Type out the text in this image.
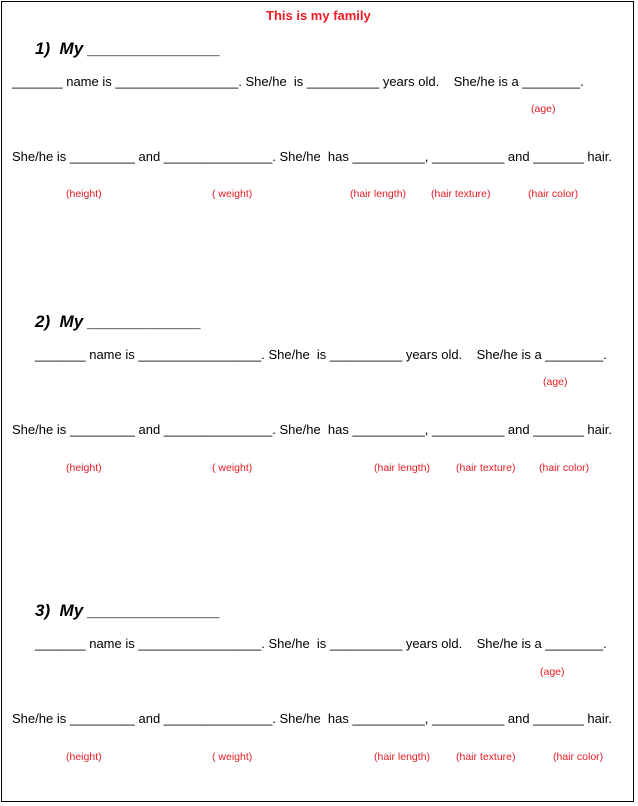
This is my family
1)  My ______________
_______ name is _________________. She/he  is __________ years old.    She/he is a ________.
(age)
She/he is _________ and _______________. She/he  has __________, __________ and _______ hair.
(height)	( weight)	(hair length) (hair texture)	(hair color)
2)  My ____________
_______ name is _________________. She/he  is __________ years old.    She/he is a ________.
(age)
She/he is _________ and _______________. She/he  has __________, __________ and _______ hair.
(height)	( weight)	(hair length) (hair texture) (hair color)
3)  My ______________
_______ name is _________________. She/he  is __________ years old.    She/he is a ________.
(age)
She/he is _________ and _______________. She/he  has __________, __________ and _______ hair.
(height)	( weight)	(hair length) (hair texture)	(hair color)
